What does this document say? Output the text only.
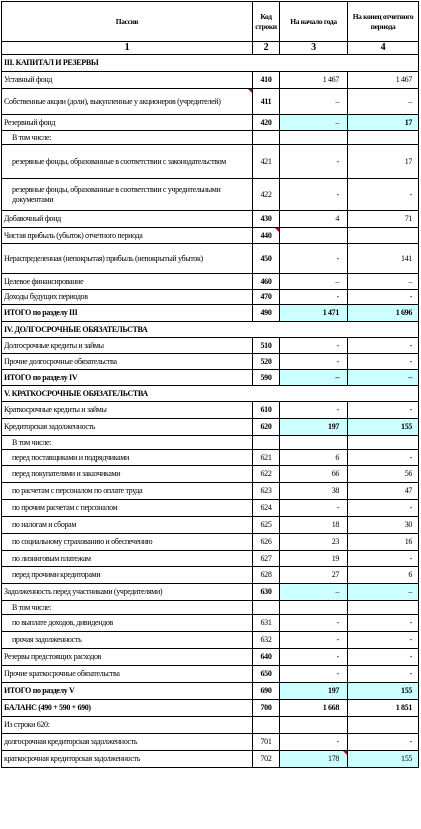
Пассив	Код строки	На начало года	На конец отчетного периода
1	2	3	4
III. КАПИТАЛ И РЕЗЕРВЫ			
Уставный фонд	410	1 467	1 467
Собственные акции (доли), выкупленные у акционеров (учредителей)	411	–	–
Резервный фонд	420	–	17
В том числе:			
резервные фонды, образованные в соответствии с законодательством	421	-	17
резервные фонды, образованные в соответствии с учредительными документами	422	-	-
Добавочный фонд	430	4	71
Чистая прибыль (убыток) отчетного периода	440		
Нераспределенная (непокрытая) прибыль (непокрытый убыток)	450	-	141
Целевое финансирование	460	–	–
Доходы будущих периодов	470	-	-
ИТОГО по разделу III	490	1 471	1 696
IV. ДОЛГОСРОЧНЫЕ ОБЯЗАТЕЛЬСТВА			
Долгосрочные кредиты и займы	510	-	-
Прочие долгосрочные обязательства	520	-	-
ИТОГО по разделу IV	590	–	–
V. КРАТКОСРОЧНЫЕ ОБЯЗАТЕЛЬСТВА			
Краткосрочные кредиты и займы	610	-	-
Кредиторская задолженность	620	197	155
В том числе:			
перед поставщиками и подрядчиками	621	6	-
перед покупателями и заказчиками	622	66	56
по расчетам с персоналом по оплате труда	623	38	47
по прочим расчетам с персоналом	624	-	-
по налогам и сборам	625	18	30
по социальному страхованию и обеспечению	626	23	16
по лизинговым платежам	627	19	-
перед прочими кредиторами	628	27	6
Задолженность перед участниками (учредителями)	630	–	–
В том числе:			
по выплате доходов, дивидендов	631	-	-
прочая задолженность	632	-	-
Резервы предстоящих расходов	640	-	-
Прочие краткосрочные обязательства	650	-	-
ИТОГО по разделу V	690	197	155
БАЛАНС (490 + 590 + 690)	700	1 668	1 851
Из строки 620:			
долгосрочная кредиторская задолженность	701	-	-
краткосрочная кредиторская задолженность	702	178	155
